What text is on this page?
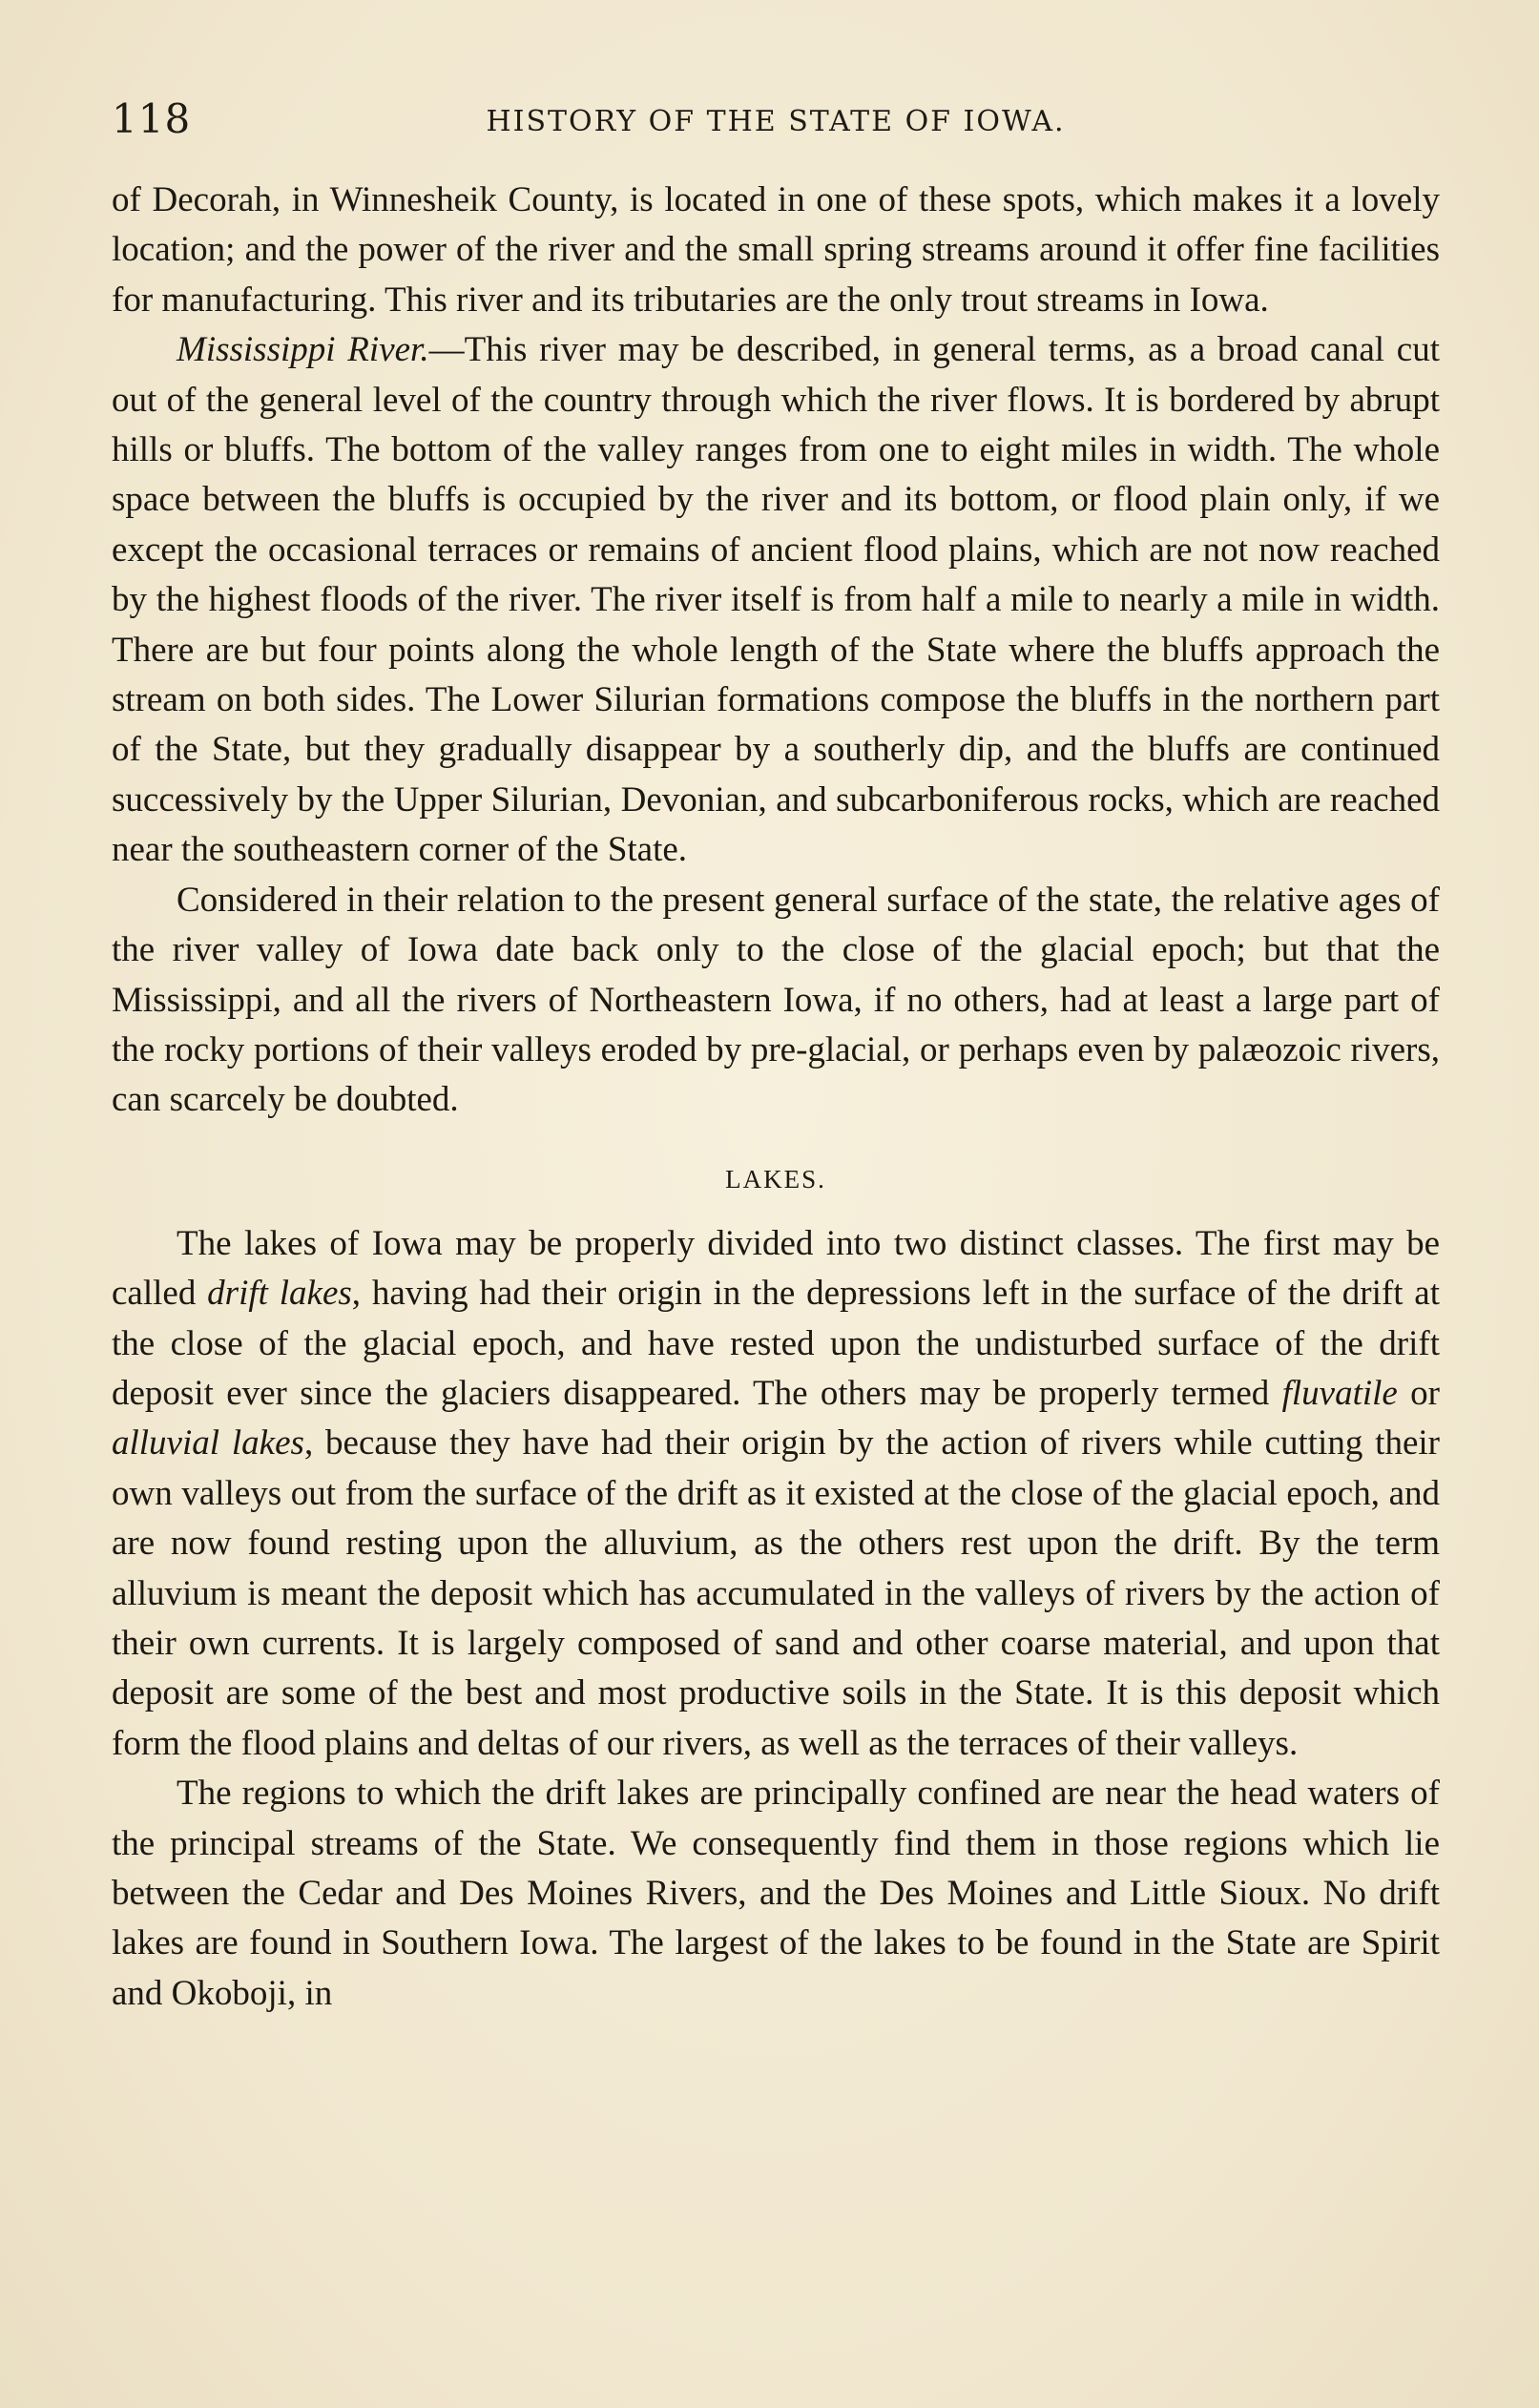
118	HISTORY OF THE STATE OF IOWA.

of Decorah, in Winnesheik County, is located in one of these spots, which makes it a lovely location; and the power of the river and the small spring streams around it offer fine facilities for manufacturing. This river and its tributaries are the only trout streams in Iowa.

Mississippi River.—This river may be described, in general terms, as a broad canal cut out of the general level of the country through which the river flows. It is bordered by abrupt hills or bluffs. The bottom of the valley ranges from one to eight miles in width. The whole space between the bluffs is occupied by the river and its bottom, or flood plain only, if we except the occasional terraces or remains of ancient flood plains, which are not now reached by the highest floods of the river. The river itself is from half a mile to nearly a mile in width. There are but four points along the whole length of the State where the bluffs approach the stream on both sides. The Lower Silurian formations compose the bluffs in the northern part of the State, but they gradually disappear by a southerly dip, and the bluffs are continued successively by the Upper Silurian, Devonian, and subcarboniferous rocks, which are reached near the southeastern corner of the State.

Considered in their relation to the present general surface of the state, the relative ages of the river valley of Iowa date back only to the close of the glacial epoch; but that the Mississippi, and all the rivers of Northeastern Iowa, if no others, had at least a large part of the rocky portions of their valleys eroded by pre-glacial, or perhaps even by palæozoic rivers, can scarcely be doubted.

LAKES.

The lakes of Iowa may be properly divided into two distinct classes. The first may be called drift lakes, having had their origin in the depressions left in the surface of the drift at the close of the glacial epoch, and have rested upon the undisturbed surface of the drift deposit ever since the glaciers disappeared. The others may be properly termed fluvatile or alluvial lakes, because they have had their origin by the action of rivers while cutting their own valleys out from the surface of the drift as it existed at the close of the glacial epoch, and are now found resting upon the alluvium, as the others rest upon the drift. By the term alluvium is meant the deposit which has accumulated in the valleys of rivers by the action of their own currents. It is largely composed of sand and other coarse material, and upon that deposit are some of the best and most productive soils in the State. It is this deposit which form the flood plains and deltas of our rivers, as well as the terraces of their valleys.

The regions to which the drift lakes are principally confined are near the head waters of the principal streams of the State. We consequently find them in those regions which lie between the Cedar and Des Moines Rivers, and the Des Moines and Little Sioux. No drift lakes are found in Southern Iowa. The largest of the lakes to be found in the State are Spirit and Okoboji, in
